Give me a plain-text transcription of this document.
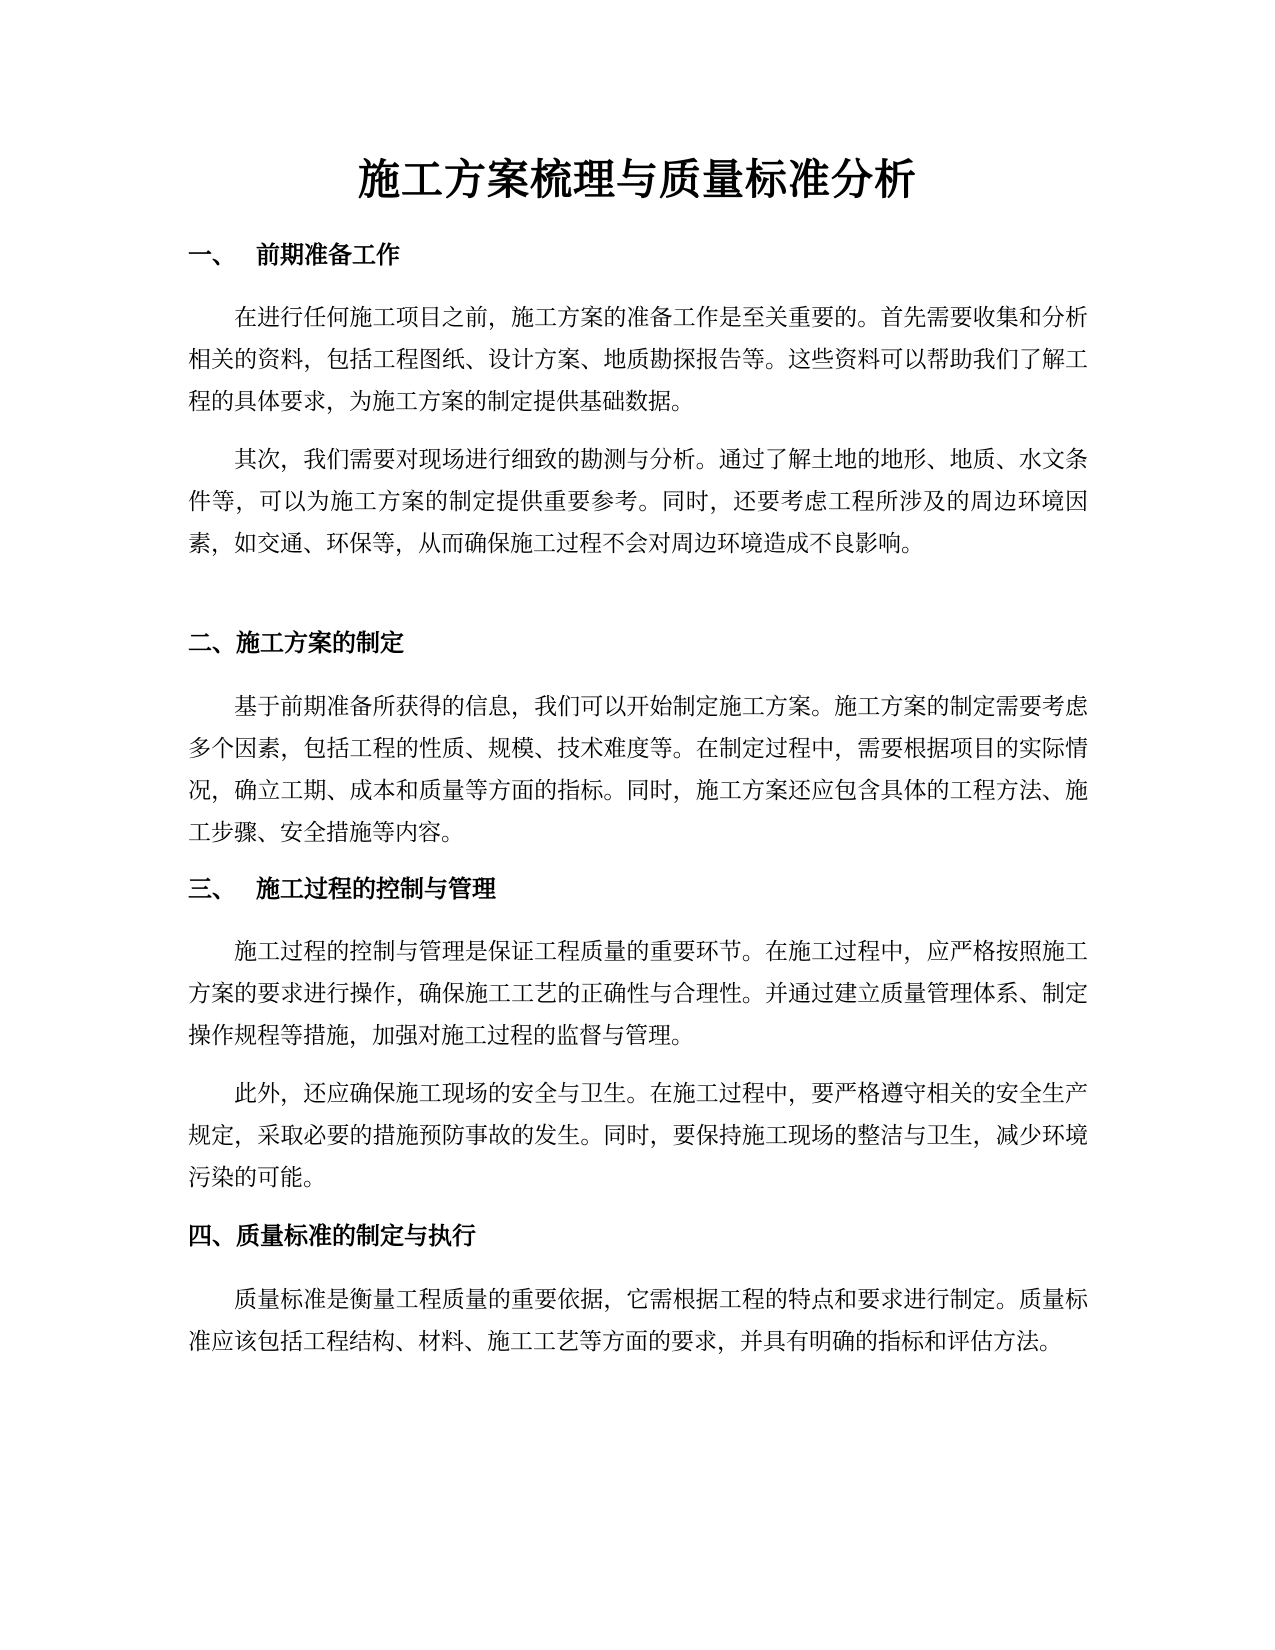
施工方案梳理与质量标准分析
一、 前期准备工作

在进行任何施工项目之前，施工方案的准备工作是至关重要的。首先需要收集和分析相关的资料，包括工程图纸、设计方案、地质勘探报告等。这些资料可以帮助我们了解工程的具体要求，为施工方案的制定提供基础数据。

其次，我们需要对现场进行细致的勘测与分析。通过了解土地的地形、地质、水文条件等，可以为施工方案的制定提供重要参考。同时，还要考虑工程所涉及的周边环境因素，如交通、环保等，从而确保施工过程不会对周边环境造成不良影响。

二、施工方案的制定

基于前期准备所获得的信息，我们可以开始制定施工方案。施工方案的制定需要考虑多个因素，包括工程的性质、规模、技术难度等。在制定过程中，需要根据项目的实际情况，确立工期、成本和质量等方面的指标。同时，施工方案还应包含具体的工程方法、施工步骤、安全措施等内容。

三、 施工过程的控制与管理

施工过程的控制与管理是保证工程质量的重要环节。在施工过程中，应严格按照施工方案的要求进行操作，确保施工工艺的正确性与合理性。并通过建立质量管理体系、制定操作规程等措施，加强对施工过程的监督与管理。

此外，还应确保施工现场的安全与卫生。在施工过程中，要严格遵守相关的安全生产规定，采取必要的措施预防事故的发生。同时，要保持施工现场的整洁与卫生，减少环境污染的可能。

四、质量标准的制定与执行

质量标准是衡量工程质量的重要依据，它需根据工程的特点和要求进行制定。质量标准应该包括工程结构、材料、施工工艺等方面的要求，并具有明确的指标和评估方法。
